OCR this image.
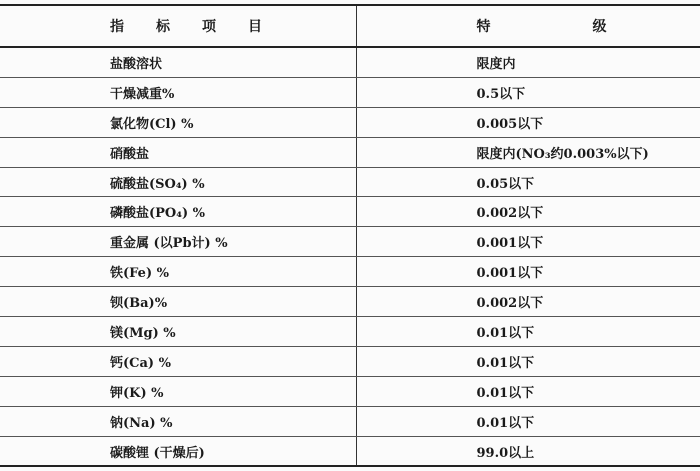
指 标 项 目	特 级

盐酸溶状	限度内
干燥减重%	0.5以下
氯化物(Cl) %	0.005以下
硝酸盐	限度内(NO₃约0.003%以下)
硫酸盐(SO₄) %	0.05以下
磷酸盐(PO₄) %	0.002以下
重金属 (以Pb计) %	0.001以下
铁(Fe) %	0.001以下
钡(Ba)%	0.002以下
镁(Mg) %	0.01以下
钙(Ca) %	0.01以下
钾(K) %	0.01以下
钠(Na) %	0.01以下
碳酸锂 (干燥后)	99.0以上
